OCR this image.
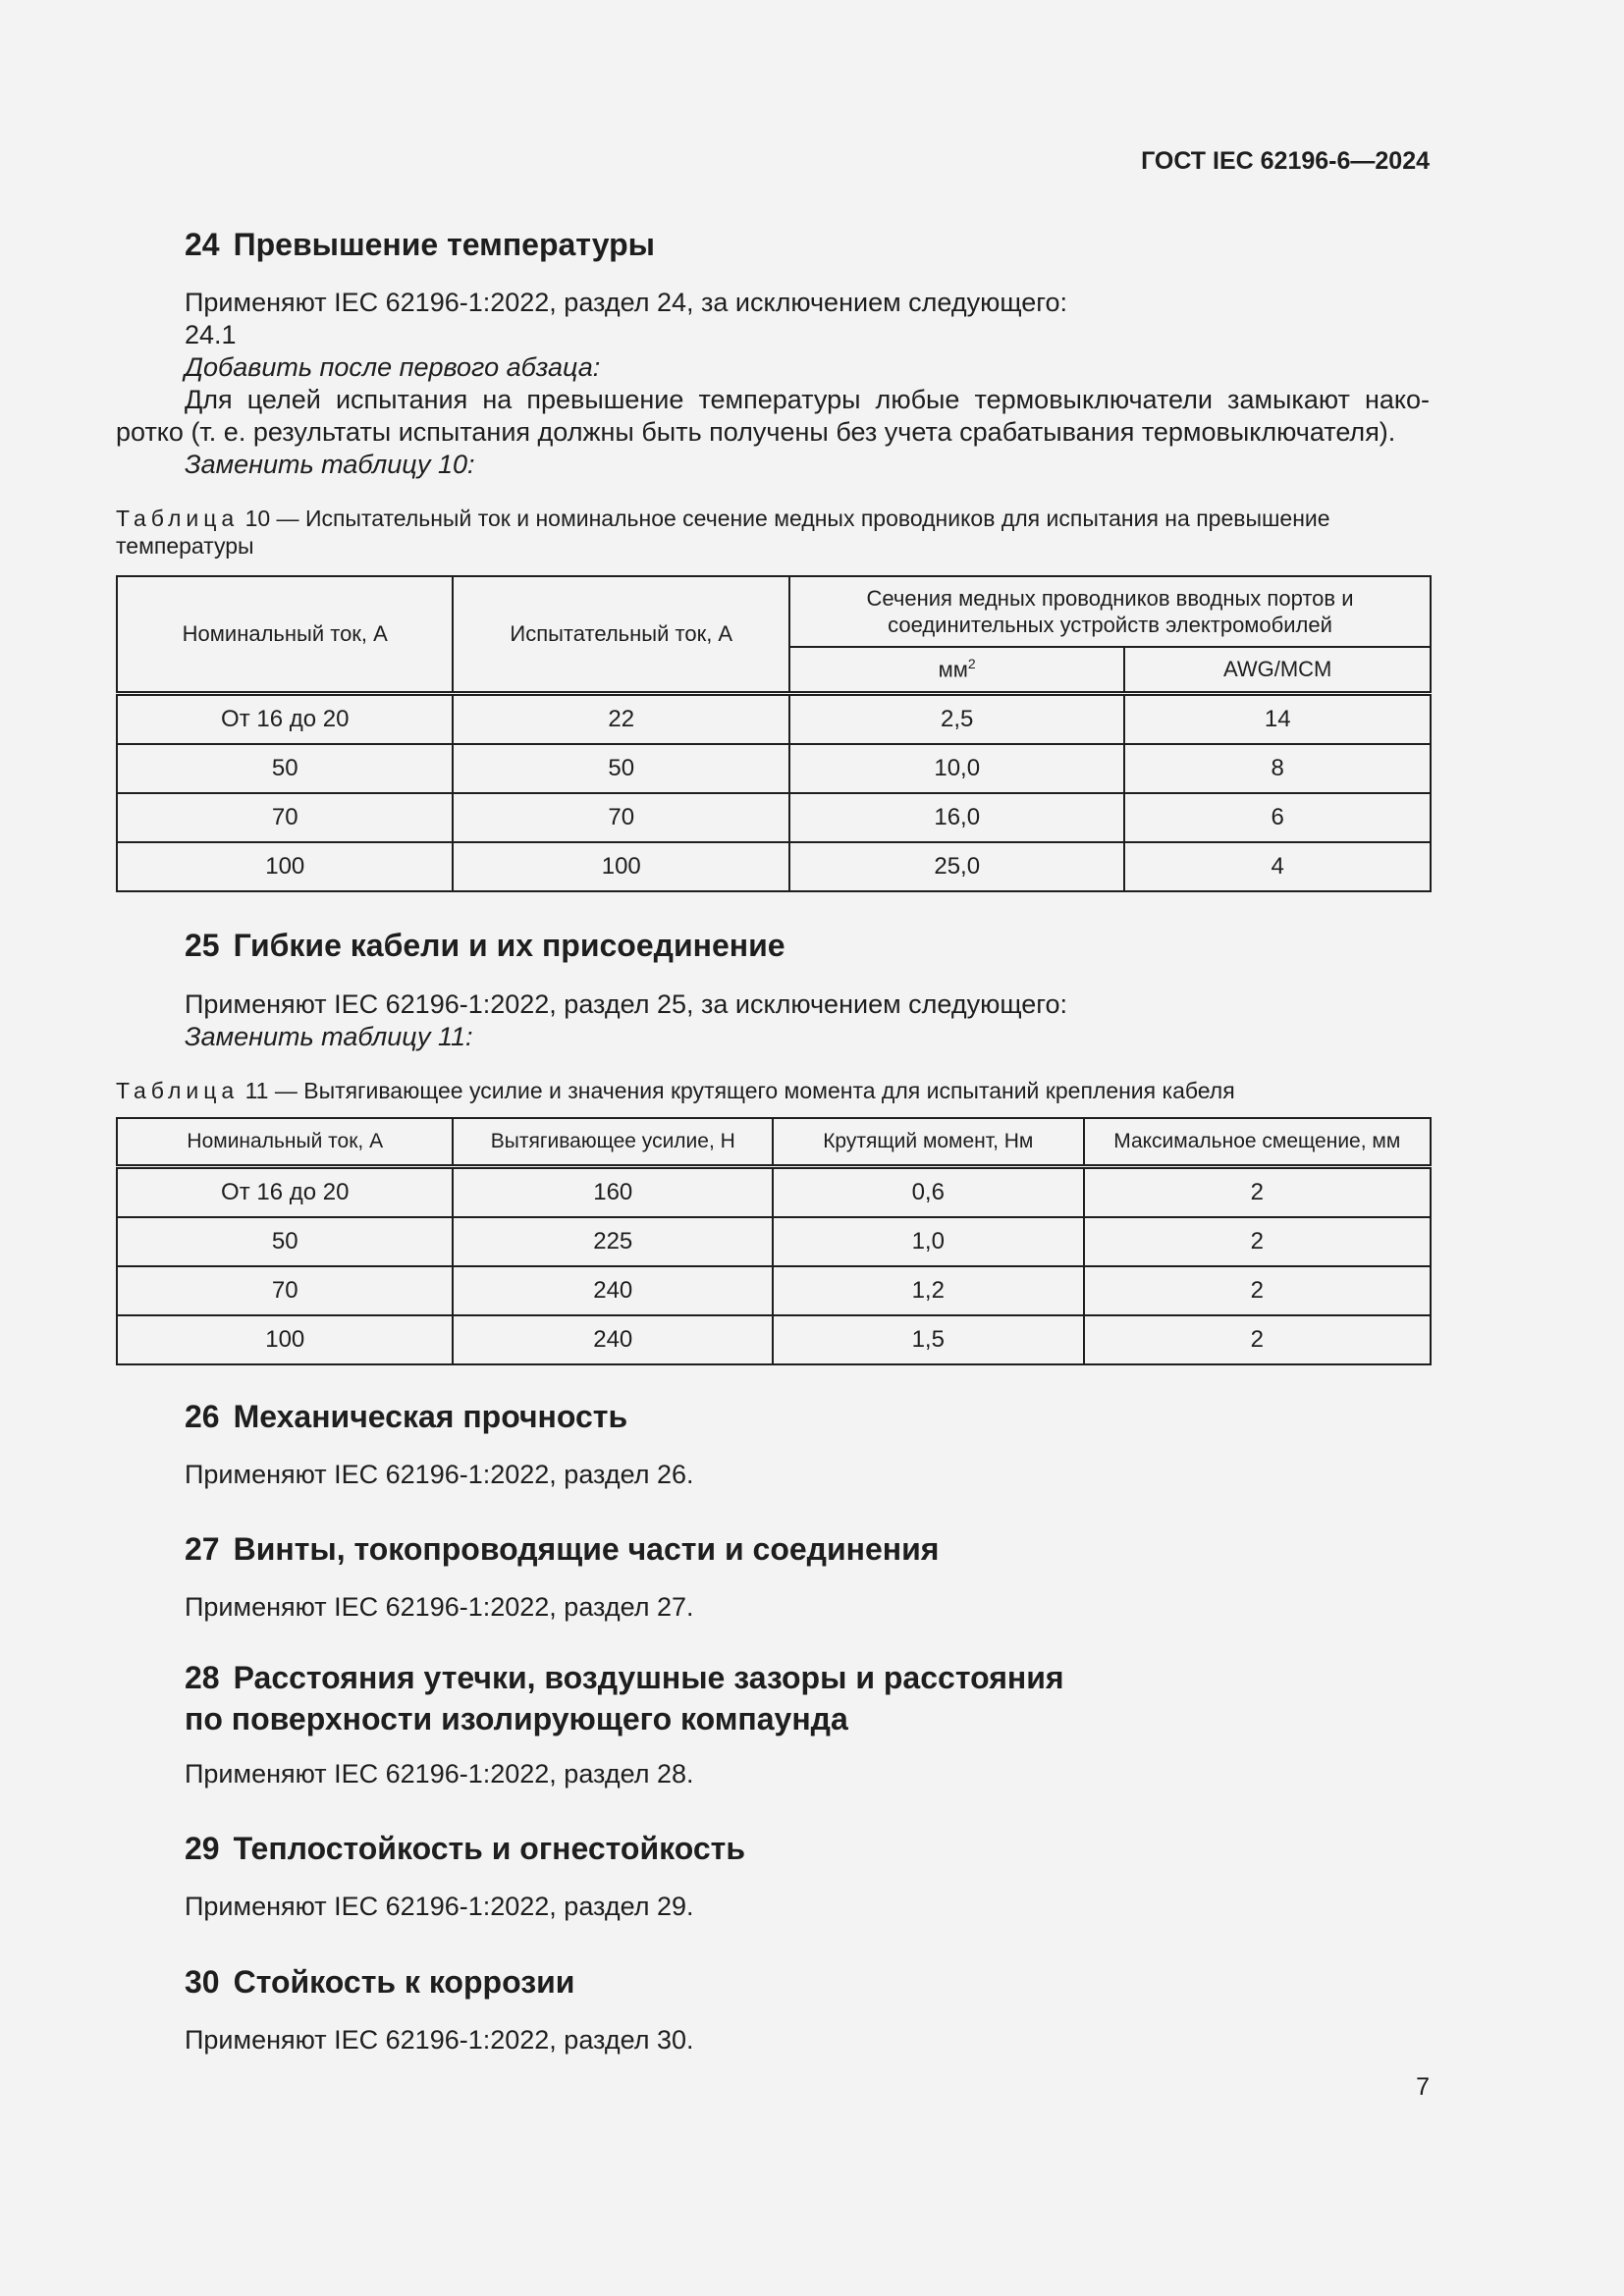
ГОСТ IEC 62196-6—2024
24 Превышение температуры
Применяют IEC 62196-1:2022, раздел 24, за исключением следующего:
24.1
Добавить после первого абзаца:
Для целей испытания на превышение температуры любые термовыключатели замыкают нако-
ротко (т. е. результаты испытания должны быть получены без учета срабатывания термовыключателя).
Заменить таблицу 10:
Таблица 10 — Испытательный ток и номинальное сечение медных проводников для испытания на превышение температуры
Номинальный ток, А	Испытательный ток, А	Сечения медных проводников вводных портов и соединительных устройств электромобилей	
		$мм^2$	AWG/MCM
От 16 до 20	22	2,5	14
50	50	10,0	8
70	70	16,0	6
100	100	25,0	4
25 Гибкие кабели и их присоединение
Применяют IEC 62196-1:2022, раздел 25, за исключением следующего:
Заменить таблицу 11:
Таблица 11 — Вытягивающее усилие и значения крутящего момента для испытаний крепления кабеля
Номинальный ток, А	Вытягивающее усилие, Н	Крутящий момент, Нм	Максимальное смещение, мм
От 16 до 20	160	0,6	2
50	225	1,0	2
70	240	1,2	2
100	240	1,5	2
26 Механическая прочность
Применяют IEC 62196-1:2022, раздел 26.
27 Винты, токопроводящие части и соединения
Применяют IEC 62196-1:2022, раздел 27.
28 Расстояния утечки, воздушные зазоры и расстояния
по поверхности изолирующего компаунда
Применяют IEC 62196-1:2022, раздел 28.
29 Теплостойкость и огнестойкость
Применяют IEC 62196-1:2022, раздел 29.
30 Стойкость к коррозии
Применяют IEC 62196-1:2022, раздел 30.
7
